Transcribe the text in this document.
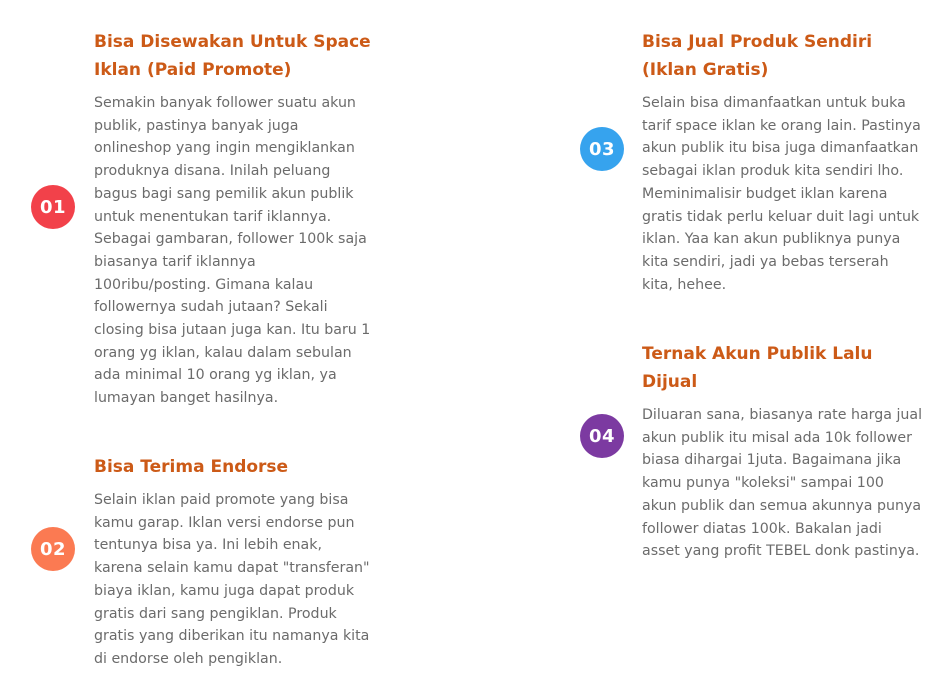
Bisa Disewakan Untuk Space Iklan (Paid Promote)

Semakin banyak follower suatu akun publik, pastinya banyak juga onlineshop yang ingin mengiklankan produknya disana. Inilah peluang bagus bagi sang pemilik akun publik untuk menentukan tarif iklannya. Sebagai gambaran, follower 100k saja biasanya tarif iklannya 100ribu/posting. Gimana kalau followernya sudah jutaan? Sekali closing bisa jutaan juga kan. Itu baru 1 orang yg iklan, kalau dalam sebulan ada minimal 10 orang yg iklan, ya lumayan banget hasilnya.

01
Bisa Terima Endorse

Selain iklan paid promote yang bisa kamu garap. Iklan versi endorse pun tentunya bisa ya. Ini lebih enak, karena selain kamu dapat "transferan" biaya iklan, kamu juga dapat produk gratis dari sang pengiklan. Produk gratis yang diberikan itu namanya kita di endorse oleh pengiklan.

02
Bisa Jual Produk Sendiri (Iklan Gratis)

Selain bisa dimanfaatkan untuk buka tarif space iklan ke orang lain. Pastinya akun publik itu bisa juga dimanfaatkan sebagai iklan produk kita sendiri lho. Meminimalisir budget iklan karena gratis tidak perlu keluar duit lagi untuk iklan. Yaa kan akun publiknya punya kita sendiri, jadi ya bebas terserah kita, hehee.

03
Ternak Akun Publik Lalu Dijual

Diluaran sana, biasanya rate harga jual akun publik itu misal ada 10k follower biasa dihargai 1juta. Bagaimana jika kamu punya "koleksi" sampai 100 akun publik dan semua akunnya punya follower diatas 100k. Bakalan jadi asset yang profit TEBEL donk pastinya.

04
